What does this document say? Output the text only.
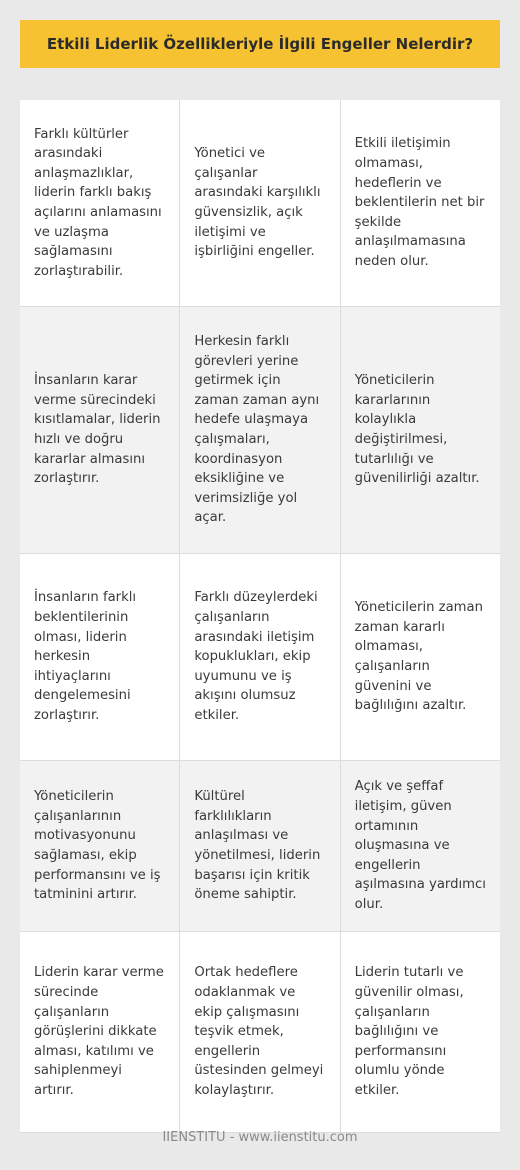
Etkili Liderlik Özellikleriyle İlgili Engeller Nelerdir?
Farklı kültürler arasındaki anlaşmazlıklar, liderin farklı bakış açılarını anlamasını ve uzlaşma sağlamasını zorlaştırabilir.
Yönetici ve çalışanlar arasındaki karşılıklı güvensizlik, açık iletişimi ve işbirliğini engeller.
Etkili iletişimin olmaması, hedeflerin ve beklentilerin net bir şekilde anlaşılmamasına neden olur.
İnsanların karar verme sürecindeki kısıtlamalar, liderin hızlı ve doğru kararlar almasını zorlaştırır.
Herkesin farklı görevleri yerine getirmek için zaman zaman aynı hedefe ulaşmaya çalışmaları, koordinasyon eksikliğine ve verimsizliğe yol açar.
Yöneticilerin kararlarının kolaylıkla değiştirilmesi, tutarlılığı ve güvenilirliği azaltır.
İnsanların farklı beklentilerinin olması, liderin herkesin ihtiyaçlarını dengelemesini zorlaştırır.
Farklı düzeylerdeki çalışanların arasındaki iletişim kopuklukları, ekip uyumunu ve iş akışını olumsuz etkiler.
Yöneticilerin zaman zaman kararlı olmaması, çalışanların güvenini ve bağlılığını azaltır.
Yöneticilerin çalışanlarının motivasyonunu sağlaması, ekip performansını ve iş tatminini artırır.
Kültürel farklılıkların anlaşılması ve yönetilmesi, liderin başarısı için kritik öneme sahiptir.
Açık ve şeffaf iletişim, güven ortamının oluşmasına ve engellerin aşılmasına yardımcı olur.
Liderin karar verme sürecinde çalışanların görüşlerini dikkate alması, katılımı ve sahiplenmeyi artırır.
Ortak hedeflere odaklanmak ve ekip çalışmasını teşvik etmek, engellerin üstesinden gelmeyi kolaylaştırır.
Liderin tutarlı ve güvenilir olması, çalışanların bağlılığını ve performansını olumlu yönde etkiler.
IIENSTITU - www.iienstitu.com
